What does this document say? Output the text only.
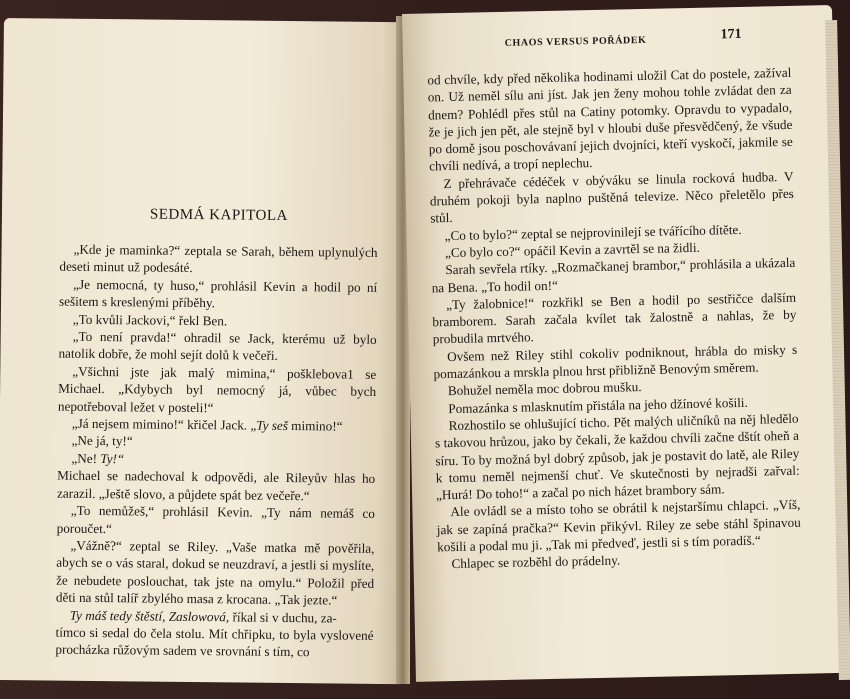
SEDMÁ KAPITOLA

„Kde je maminka?“ zeptala se Sarah, během uplynulých deseti minut už podesáté.

„Je nemocná, ty huso,“ prohlásil Kevin a hodil po ní sešitem s kreslenými příběhy.

„To kvůli Jackovi,“ řekl Ben.

„To není pravda!“ ohradil se Jack, kterému už bylo natolik dobře, že mohl sejít dolů k večeři.

„Všichni jste jak malý mimina,“ pošklebova1 se Michael. „Kdybych byl nemocný já, vůbec bych nepotřeboval ležet v posteli!“

„Já nejsem mimino!“ křičel Jack. „Ty seš mimino!“

„Ne já, ty!“

„Ne! Ty!“

Michael se nadechoval k odpovědi, ale Rileyův hlas ho zarazil. „Ještě slovo, a půjdete spát bez večeře.“

„To nemůžeš,“ prohlásil Kevin. „Ty nám nemáš co poroučet.“

„Vážně?“ zeptal se Riley. „Vaše matka mě pověřila, abych se o vás staral, dokud se neuzdraví, a jestli si myslíte, že nebudete poslouchat, tak jste na omylu.“ Položil před děti na stůl talíř zbylého masa z krocana. „Tak jezte.“

Ty máš tedy štěstí, Zaslowová, říkal si v duchu, za-

tímco si sedal do čela stolu. Mít chřipku, to byla vyslovené procházka růžovým sadem ve srovnání s tím, co

CHAOS VERSUS POŘÁDEK	171

od chvíle, kdy před několika hodinami uložil Cat do postele, zažíval on. Už neměl sílu ani jíst. Jak jen ženy mohou tohle zvládat den za dnem? Pohlédl přes stůl na Catiny potomky. Opravdu to vypadalo, že je jich jen pět, ale stejně byl v hloubi duše přesvědčený, že všude po domě jsou poschovávaní jejich dvojníci, kteří vyskočí, jakmile se chvíli nedívá, a tropí neplechu.

Z přehrávače cédéček v obýváku se linula rocková hudba. V druhém pokoji byla naplno puštěná televize. Něco přeletělo přes stůl.

„Co to bylo?“ zeptal se nejprovinilejí se tvářícího dítěte.

„Co bylo co?“ opáčil Kevin a zavrtěl se na židli.

Sarah sevřela rtíky. „Rozmačkanej brambor,“ prohlásila a ukázala na Bena. „To hodil on!“

„Ty žalobnice!“ rozkřikl se Ben a hodil po sestřičce dalším bramborem. Sarah začala kvílet tak žalostně a nahlas, že by probudila mrtvého.

Ovšem než Riley stihl cokoliv podniknout, hrábla do misky s pomazánkou a mrskla plnou hrst přibližně Benovým směrem.

Bohužel neměla moc dobrou mušku.

Pomazánka s mlasknutím přistála na jeho džínové košili.

Rozhostilo se ohlušující ticho. Pět malých uličníků na něj hledělo s takovou hrůzou, jako by čekali, že každou chvíli začne dštít oheň a síru. To by možná byl dobrý způsob, jak je postavit do latě, ale Riley k tomu neměl nejmenší chuť. Ve skutečnosti by nejradši zařval: „Hurá! Do toho!“ a začal po nich házet brambory sám.

Ale ovládl se a místo toho se obrátil k nejstaršímu chlapci. „Víš, jak se zapíná pračka?“ Kevin přikývl. Riley ze sebe stáhl špinavou košili a podal mu ji. „Tak mi předveď, jestli si s tím poradíš.“

Chlapec se rozběhl do prádelny.
